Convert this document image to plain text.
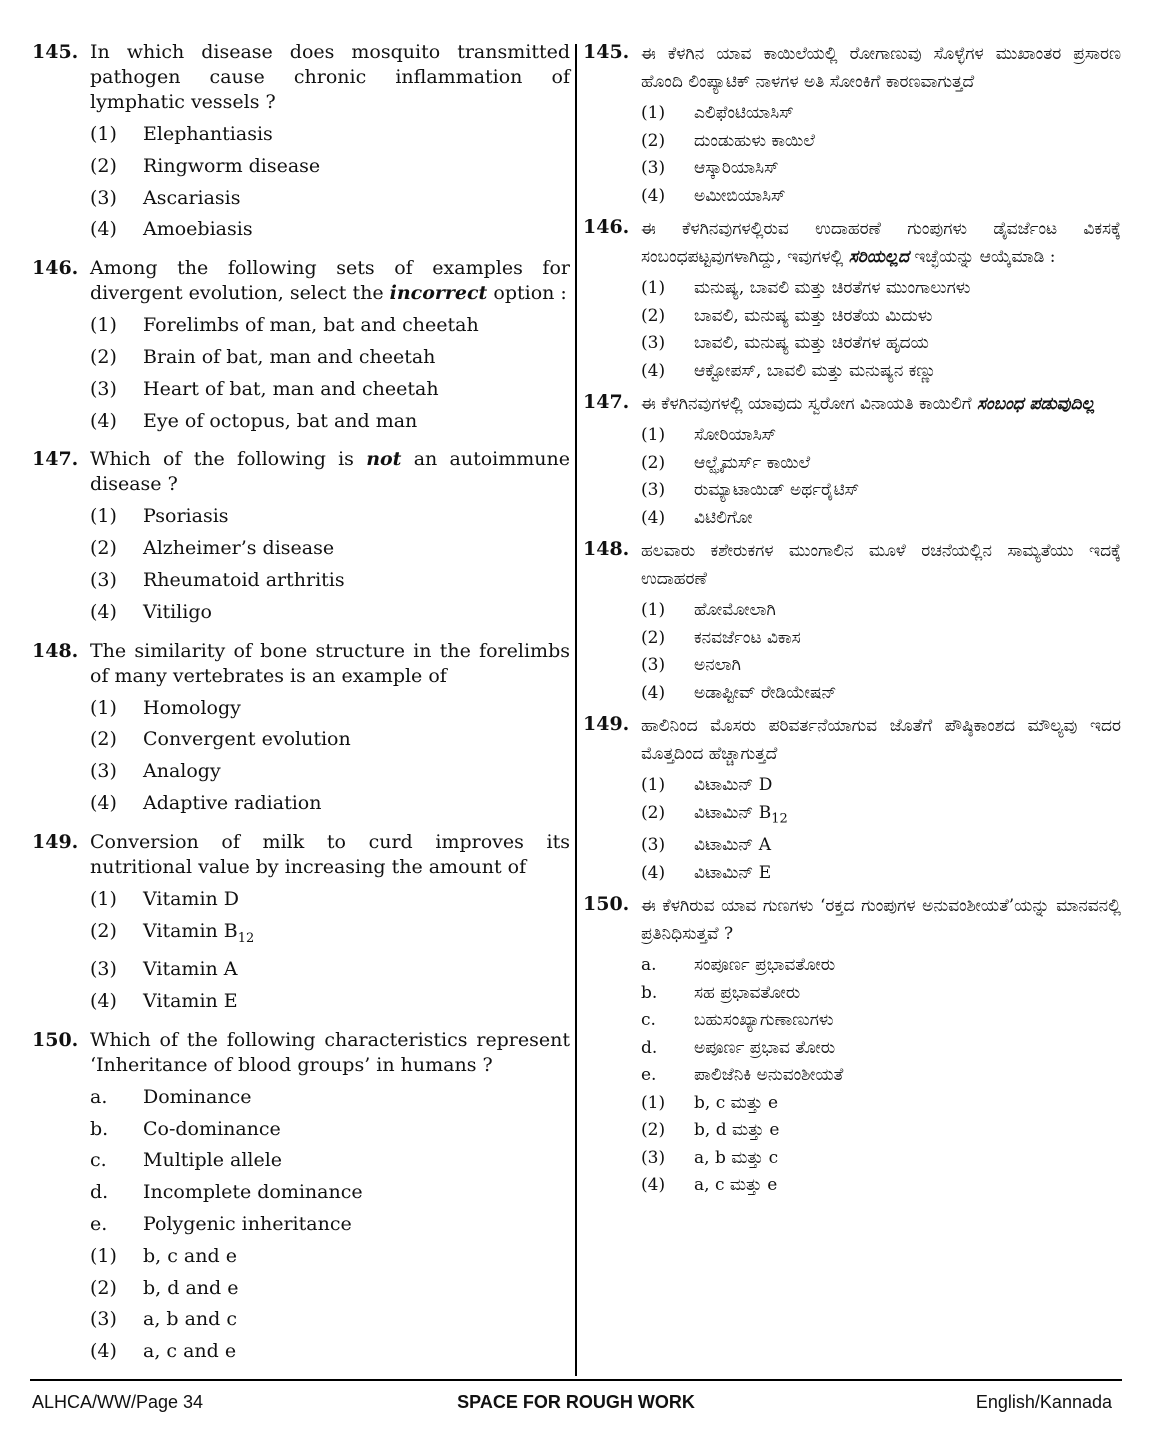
145. In which disease does mosquito transmitted pathogen cause chronic inflammation of lymphatic vessels ?
(1)	Elephantiasis
(2)	Ringworm disease
(3)	Ascariasis
(4)	Amoebiasis
146. Among the following sets of examples for divergent evolution, select the incorrect option :
(1)	Forelimbs of man, bat and cheetah
(2)	Brain of bat, man and cheetah
(3)	Heart of bat, man and cheetah
(4)	Eye of octopus, bat and man
147. Which of the following is not an autoimmune disease ?
(1)	Psoriasis
(2)	Alzheimer’s disease
(3)	Rheumatoid arthritis
(4)	Vitiligo
148. The similarity of bone structure in the forelimbs of many vertebrates is an example of
(1)	Homology
(2)	Convergent evolution
(3)	Analogy
(4)	Adaptive radiation
149. Conversion of milk to curd improves its nutritional value by increasing the amount of
(1)	Vitamin D
(2)	Vitamin $B_{12}$
(3)	Vitamin A
(4)	Vitamin E
150. Which of the following characteristics represent ‘Inheritance of blood groups’ in humans ?
a.	Dominance
b.	Co-dominance
c.	Multiple allele
d.	Incomplete dominance
e.	Polygenic inheritance
(1)	b, c and e
(2)	b, d and e
(3)	a, b and c
(4)	a, c and e
145. ಈ ಕೆಳಗಿನ ಯಾವ ಕಾಯಿಲೆಯಲ್ಲಿ ರೋಗಾಣುವು ಸೊಳ್ಳೆಗಳ ಮುಖಾಂತರ ಪ್ರಸಾರಣ ಹೊಂದಿ ಲಿಂಪ್ಯಾಟಿಕ್ ನಾಳಗಳ ಅತಿ ಸೋಂಕಿಗೆ ಕಾರಣವಾಗುತ್ತದೆ
(1)	ಎಲಿಫೆಂಟಿಯಾಸಿಸ್
(2)	ದುಂಡುಹುಳು ಕಾಯಿಲೆ
(3)	ಆಸ್ಕಾರಿಯಾಸಿಸ್
(4)	ಅಮೀಬಿಯಾಸಿಸ್
146. ಈ ಕೆಳಗಿನವುಗಳಲ್ಲಿರುವ ಉದಾಹರಣೆ ಗುಂಪುಗಳು ಡೈವರ್ಜೆಂಟ ವಿಕಸಕ್ಕೆ ಸಂಬಂಧಪಟ್ಟವುಗಳಾಗಿದ್ದು, ಇವುಗಳಲ್ಲಿ ಸರಿಯಲ್ಲದ ಇಚ್ಛೆಯನ್ನು ಆಯ್ಕೆಮಾಡಿ :
(1)	ಮನುಷ್ಯ, ಬಾವಲಿ ಮತ್ತು ಚಿರತೆಗಳ ಮುಂಗಾಲುಗಳು
(2)	ಬಾವಲಿ, ಮನುಷ್ಯ ಮತ್ತು ಚಿರತೆಯ ಮಿದುಳು
(3)	ಬಾವಲಿ, ಮನುಷ್ಯ ಮತ್ತು ಚಿರತೆಗಳ ಹೃದಯ
(4)	ಆಕ್ಟೋಪಸ್, ಬಾವಲಿ ಮತ್ತು ಮನುಷ್ಯನ ಕಣ್ಣು
147. ಈ ಕೆಳಗಿನವುಗಳಲ್ಲಿ ಯಾವುದು ಸ್ವರೋಗ ವಿನಾಯತಿ ಕಾಯಿಲಿಗೆ ಸಂಬಂಧ ಪಡುವುದಿಲ್ಲ
(1)	ಸೋರಿಯಾಸಿಸ್
(2)	ಆಲ್ಝೈಮರ್ಸ್ ಕಾಯಿಲೆ
(3)	ರುಮ್ಯಾಟಾಯಿಡ್ ಅರ್ಥರೈಟಿಸ್
(4)	ವಿಟಿಲಿಗೋ
148. ಹಲವಾರು ಕಶೇರುಕಗಳ ಮುಂಗಾಲಿನ ಮೂಳೆ ರಚನೆಯಲ್ಲಿನ ಸಾಮ್ಯತೆಯು ಇದಕ್ಕೆ ಉದಾಹರಣೆ
(1)	ಹೋಮೋಲಾಗಿ
(2)	ಕನವರ್ಜೆಂಟ ವಿಕಾಸ
(3)	ಅನಲಾಗಿ
(4)	ಅಡಾಪ್ಟೀವ್ ರೇಡಿಯೇಷನ್
149. ಹಾಲಿನಿಂದ ಮೊಸರು ಪರಿವರ್ತನೆಯಾಗುವ ಜೊತೆಗೆ ಪೌಷ್ಠಿಕಾಂಶದ ಮೌಲ್ಯವು ಇದರ ಮೊತ್ತದಿಂದ ಹೆಚ್ಚಾಗುತ್ತದೆ
(1)	ವಿಟಾಮಿನ್ D
(2)	ವಿಟಾಮಿನ್ $B_{12}$
(3)	ವಿಟಾಮಿನ್ A
(4)	ವಿಟಾಮಿನ್ E
150. ಈ ಕೆಳಗಿರುವ ಯಾವ ಗುಣಗಳು ‘ರಕ್ತದ ಗುಂಪುಗಳ ಅನುವಂಶೀಯತೆ’ಯನ್ನು ಮಾನವನಲ್ಲಿ ಪ್ರತಿನಿಧಿಸುತ್ತವೆ ?
a.	ಸಂಪೂರ್ಣ ಪ್ರಭಾವತೋರು
b.	ಸಹ ಪ್ರಭಾವತೋರು
c.	ಬಹುಸಂಖ್ಯಾಗುಣಾಣುಗಳು
d.	ಅಪೂರ್ಣ ಪ್ರಭಾವ ತೋರು
e.	ಪಾಲಿಜೆನಿಕಿ ಅನುವಂಶೀಯತೆ
(1)	b, c ಮತ್ತು e
(2)	b, d ಮತ್ತು e
(3)	a, b ಮತ್ತು c
(4)	a, c ಮತ್ತು e
ALHCA/WW/Page 34	SPACE FOR ROUGH WORK	English/Kannada
